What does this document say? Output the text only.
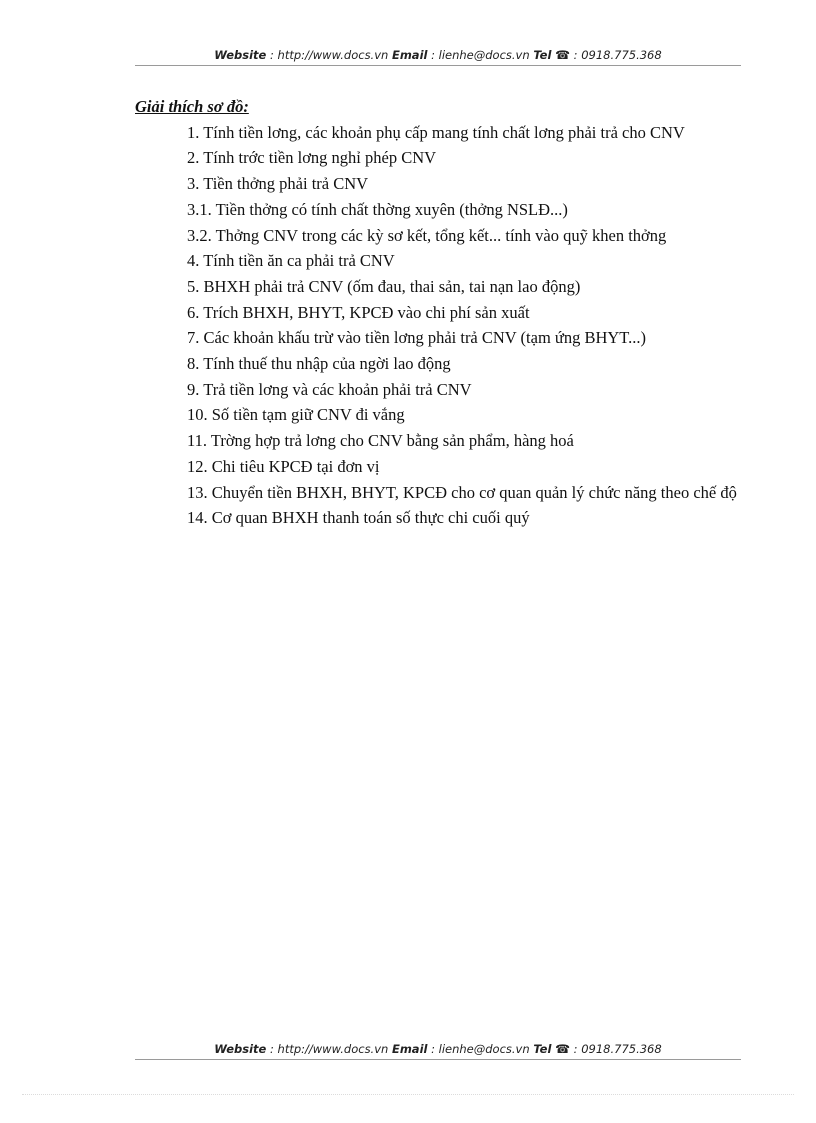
Website : http://www.docs.vn Email : lienhe@docs.vn Tel ☎ : 0918.775.368

Giải thích sơ đồ:

1. Tính tiền lơng, các khoản phụ cấp mang tính chất lơng phải trả cho CNV

2. Tính trớc tiền lơng nghỉ phép CNV

3. Tiền thởng phải trả CNV

3.1. Tiền thởng có tính chất thờng xuyên (thởng NSLĐ...)

3.2. Thởng CNV trong các kỳ sơ kết, tổng kết... tính vào quỹ khen thởng

4. Tính tiền ăn ca phải trả CNV

5. BHXH phải trả CNV (ốm đau, thai sản, tai nạn lao động)

6. Trích BHXH, BHYT, KPCĐ vào chi phí sản xuất

7. Các khoản khấu trừ vào tiền lơng phải trả CNV (tạm ứng BHYT...)

8. Tính thuế thu nhập của ngời lao động

9. Trả tiền lơng và các khoản phải trả CNV

10. Số tiền tạm giữ CNV đi vắng

11. Trờng hợp trả lơng cho CNV bằng sản phẩm, hàng hoá

12. Chi tiêu KPCĐ tại đơn vị

13. Chuyển tiền BHXH, BHYT, KPCĐ cho cơ quan quản lý chức năng theo chế độ

14. Cơ quan BHXH thanh toán số thực chi cuối quý

Website : http://www.docs.vn Email : lienhe@docs.vn Tel ☎ : 0918.775.368
